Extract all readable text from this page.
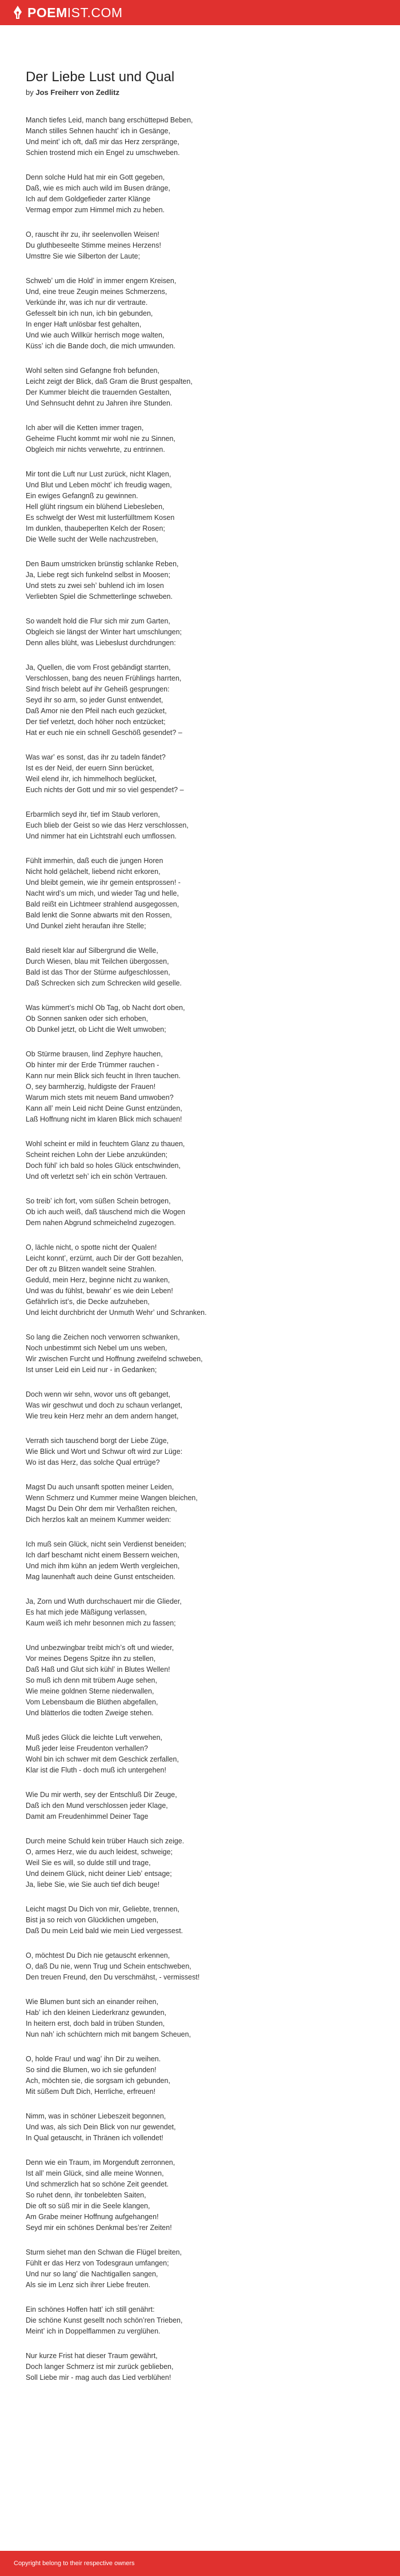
POEMIST.COM
Der Liebe Lust und Qual

by Jos Freiherr von Zedlitz

Manch tiefes Leid, manch bang erschüttернd Beben,
Manch stilles Sehnen hauchtʼ ich in Gesänge,
Und meintʼ ich oft, daß mir das Herz zerspränge,
Schien trostend mich ein Engel zu umschweben.

Denn solche Huld hat mir ein Gott gegeben,
Daß, wie es mich auch wild im Busen dränge,
Ich auf dem Goldgefieder zarter Klänge
Vermag empor zum Himmel mich zu heben.

O, rauscht ihr zu, ihr seelenvollen Weisen!
Du gluthbeseelte Stimme meines Herzens!
Umsttre Sie wie Silberton der Laute;

Schwebʼ um die Holdʼ in immer engern Kreisen,
Und, eine treue Zeugin meines Schmerzens,
Verkünde ihr, was ich nur dir vertraute.
Gefesselt bin ich nun, ich bin gebunden,
In enger Haft unlösbar fest gehalten,
Und wie auch Willkür herrisch moge walten,
Küssʼ ich die Bande doch, die mich umwunden.

Wohl selten sind Gefangne froh befunden,
Leicht zeigt der Blick, daß Gram die Brust gespalten,
Der Kummer bleicht die trauernden Gestalten,
Und Sehnsucht dehnt zu Jahren ihre Stunden.

Ich aber will die Ketten immer tragen,
Geheime Flucht kommt mir wohl nie zu Sinnen,
Obgleich mir nichts verwehrte, zu entrinnen.

Mir tont die Luft nur Lust zurück, nicht Klagen,
Und Blut und Leben möchtʼ ich freudig wagen,
Ein ewiges Gefangnß zu gewinnen.
Hell glüht ringsum ein blühend Liebesleben,
Es schwelgt der West mit lusterfülltmem Kosen
Im dunklen, thaubeperlten Kelch der Rosen;
Die Welle sucht der Welle nachzustreben,

Den Baum umstricken brünstig schlanke Reben,
Ja, Liebe regt sich funkelnd selbst in Moosen;
Und stets zu zwei sehʼ buhlend ich im losen
Verliebten Spiel die Schmetterlinge schweben.

So wandelt hold die Flur sich mir zum Garten,
Obgleich sie längst der Winter hart umschlungen;
Denn alles blüht, was Liebeslust durchdrungen:

Ja, Quellen, die vom Frost gebändigt starrten,
Verschlossen, bang des neuen Frühlings harrten,
Sind frisch belebt auf ihr Geheiß gesprungen:
Seyd ihr so arm, so jeder Gunst entwendet,
Daß Amor nie den Pfeil nach euch gezücket,
Der tief verletzt, doch höher noch entzücket;
Hat er euch nie ein schnell Geschöß gesendet? –

Was warʼ es sonst, das ihr zu tadeln fändet?
Ist es der Neid, der euern Sinn berücket,
Weil elend ihr, ich himmelhoch beglücket,
Euch nichts der Gott und mir so viel gespendet? –

Erbarmlich seyd ihr, tief im Staub verloren,
Euch blieb der Geist so wie das Herz verschlossen,
Und nimmer hat ein Lichtstrahl euch umflossen.

Fühlt immerhin, daß euch die jungen Horen
Nicht hold gelächelt, liebend nicht erkoren,
Und bleibt gemein, wie ihr gemein entsprossen! -
Nacht wirdʼs um mich, und wieder Tag und helle,
Bald reißt ein Lichtmeer strahlend ausgegossen,
Bald lenkt die Sonne abwarts mit den Rossen,
Und Dunkel zieht heraufan ihre Stelle;

Bald rieselt klar auf Silbergrund die Welle,
Durch Wiesen, blau mit Teilchen übergossen,
Bald ist das Thor der Stürme aufgeschlossen,
Daß Schrecken sich zum Schrecken wild geselle.

Was kümmertʼs michl Ob Tag, ob Nacht dort oben,
Ob Sonnen sanken oder sich erhoben,
Ob Dunkel jetzt, ob Licht die Welt umwoben;

Ob Stürme brausen, lind Zephyre hauchen,
Ob hinter mir der Erde Trümmer rauchen -
Kann nur mein Blick sich feucht in Ihren tauchen.
O, sey barmherzig, huldigste der Frauen!
Warum mich stets mit neuem Band umwoben?
Kann allʼ mein Leid nicht Deine Gunst entzünden,
Laß Hoffnung nicht im klaren Blick mich schauen!

Wohl scheint er mild in feuchtem Glanz zu thauen,
Scheint reichen Lohn der Liebe anzukünden;
Doch fühlʼ ich bald so holes Glück entschwinden,
Und oft verletzt sehʼ ich ein schön Vertrauen.

So treibʼ ich fort, vom süßen Schein betrogen,
Ob ich auch weiß, daß täuschend mich die Wogen
Dem nahen Abgrund schmeichelnd zugezogen.

O, lächle nicht, o spotte nicht der Qualen!
Leicht konntʼ, erzürnt, auch Dir der Gott bezahlen,
Der oft zu Blitzen wandelt seine Strahlen.
Geduld, mein Herz, beginne nicht zu wanken,
Und was du fühlst, bewahrʼ es wie dein Leben!
Gefährlich istʼs, die Decke aufzuheben,
Und leicht durchbricht der Unmuth Wehrʼ und Schranken.

So lang die Zeichen noch verworren schwanken,
Noch unbestimmt sich Nebel um uns weben,
Wir zwischen Furcht und Hoffnung zweifelnd schweben,
Ist unser Leid ein Leid nur - in Gedanken;

Doch wenn wir sehn, wovor uns oft gebanget,
Was wir geschwut und doch zu schaun verlanget,
Wie treu kein Herz mehr an dem andern hanget,

Verrath sich tauschend borgt der Liebe Züge,
Wie Blick und Wort und Schwur oft wird zur Lüge:
Wo ist das Herz, das solche Qual ertrüge?

Magst Du auch unsanft spotten meiner Leiden,
Wenn Schmerz und Kummer meine Wangen bleichen,
Magst Du Dein Ohr dem mir Verhaßten reichen,
Dich herzlos kalt an meinem Kummer weiden:

Ich muß sein Glück, nicht sein Verdienst beneiden;
Ich darf beschamt nicht einem Bessern weichen,
Und mich ihm kühn an jedem Werth vergleichen,
Mag launenhaft auch deine Gunst entscheiden.

Ja, Zorn und Wuth durchschauert mir die Glieder,
Es hat mich jede Mäßigung verlassen,
Kaum weiß ich mehr besonnen mich zu fassen;

Und unbezwingbar treibt michʼs oft und wieder,
Vor meines Degens Spitze ihn zu stellen,
Daß Haß und Glut sich kühlʼ in Blutes Wellen!
So muß ich denn mit trübem Auge sehen,
Wie meine goldnen Sterne niederwallen,
Vom Lebensbaum die Blüthen abgefallen,
Und blätterlos die todten Zweige stehen.

Muß jedes Glück die leichte Luft verwehen,
Muß jeder leise Freudenton verhallen?
Wohl bin ich schwer mit dem Geschick zerfallen,
Klar ist die Fluth - doch muß ich untergehen!

Wie Du mir werth, sey der Entschluß Dir Zeuge,
Daß ich den Mund verschlossen jeder Klage,
Damit am Freudenhimmel Deiner Tage

Durch meine Schuld kein trüber Hauch sich zeige.
O, armes Herz, wie du auch leidest, schweige;
Weil Sie es will, so dulde still und trage,
Und deinem Glück, nicht deiner Liebʼ entsage;
Ja, liebe Sie, wie Sie auch tief dich beuge!

Leicht magst Du Dich von mir, Geliebte, trennen,
Bist ja so reich von Glücklichen umgeben,
Daß Du mein Leid bald wie mein Lied vergessest.

O, möchtest Du Dich nie getauscht erkennen,
O, daß Du nie, wenn Trug und Schein entschweben,
Den treuen Freund, den Du verschmähst, - vermissest!

Wie Blumen bunt sich an einander reihen,
Habʼ ich den kleinen Liederkranz gewunden,
In heitern erst, doch bald in trüben Stunden,
Nun nahʼ ich schüchtern mich mit bangem Scheuen,

O, holde Frau! und wagʼ ihn Dir zu weihen.
So sind die Blumen, wo ich sie gefunden!
Ach, möchten sie, die sorgsam ich gebunden,
Mit süßem Duft Dich, Herrliche, erfreuen!

Nimm, was in schöner Liebeszeit begonnen,
Und was, als sich Dein Blick von nur gewendet,
In Qual getauscht, in Thränen ich vollendet!

Denn wie ein Traum, im Morgenduft zerronnen,
Ist allʼ mein Glück, sind alle meine Wonnen,
Und schmerzlich hat so schöne Zeit geendet.
So ruhet denn, ihr tonbelebten Saiten,
Die oft so süß mir in die Seele klangen,
Am Grabe meiner Hoffnung aufgehangen!
Seyd mir ein schönes Denkmal besʼrer Zeiten!

Sturm siehet man den Schwan die Flügel breiten,
Fühlt er das Herz von Todesgraun umfangen;
Und nur so langʼ die Nachtigallen sangen,
Als sie im Lenz sich ihrer Liebe freuten.

Ein schönes Hoffen hattʼ ich still genährt:
Die schöne Kunst gesellt noch schönʼren Trieben,
Meintʼ ich in Doppelflammen zu verglühen.

Nur kurze Frist hat dieser Traum gewährt,
Doch langer Schmerz ist mir zurück geblieben,
Soll Liebe mir - mag auch das Lied verblühen!

Copyright belong to their respective owners
